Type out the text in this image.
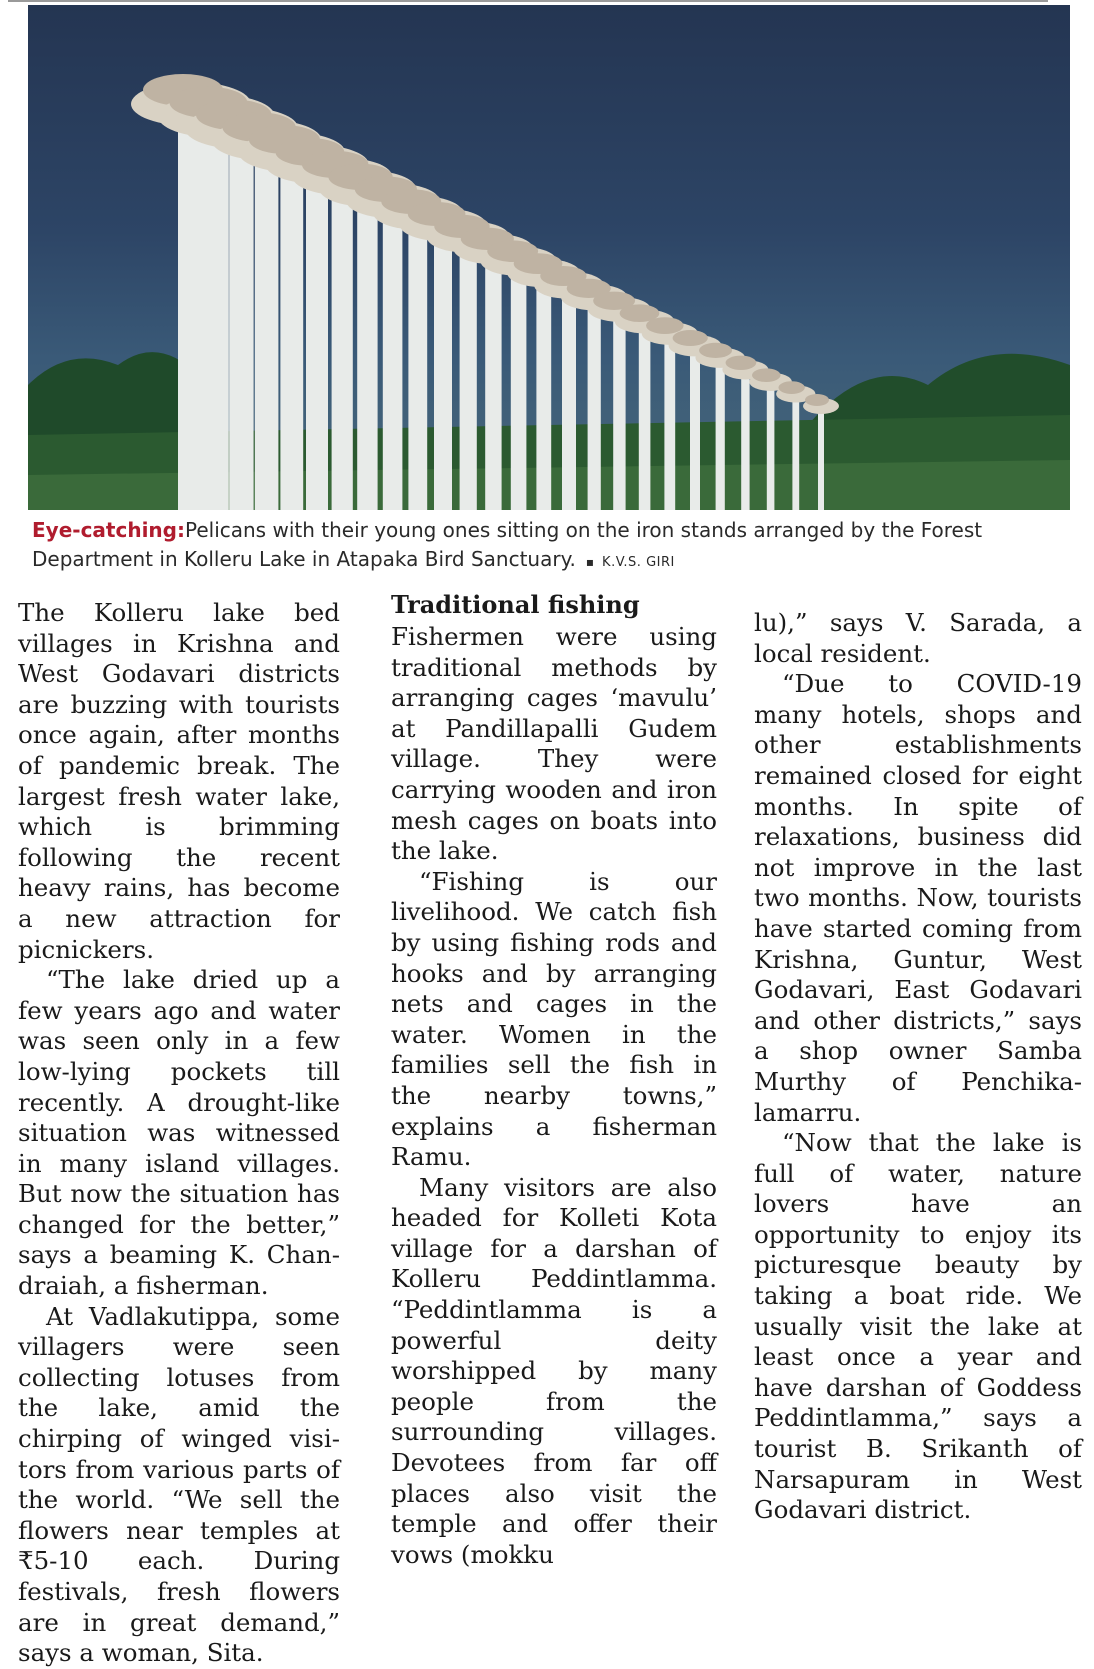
Eye-catching:Pelicans with their young ones sitting on the iron stands arranged by the Forest Department in Kolleru Lake in Atapaka Bird Sanctuary. ▪ K.V.S. GIRI

The Kolleru lake bed villages in Krishna and West Godavari districts are buzzing with tourists once again, after months of pandemic break. The largest fresh water lake, which is brimming following the recent heavy rains, has become a new attraction for picnickers.

“The lake dried up a few years ago and water was seen only in a few low-lying pockets till recently. A drought-like situation was witnessed in many island villages. But now the situation has changed for the better,” says a beaming K. Chandraiah, a fisherman.

At Vadlakutippa, some villagers were seen collecting lotuses from the lake, amid the chirping of winged visitors from various parts of the world. “We sell the flowers near temples at ₹5-10 each. During festivals, fresh flowers are in great demand,” says a woman, Sita.

Traditional fishing

Fishermen were using traditional methods by arranging cages ‘mavulu’ at Pandillapalli Gudem village. They were carrying wooden and iron mesh cages on boats into the lake.

“Fishing is our livelihood. We catch fish by using fishing rods and hooks and by arranging nets and cages in the water. Women in the families sell the fish in the nearby towns,” explains a fisherman Ramu.

Many visitors are also headed for Kolleti Kota village for a darshan of Kolleru Peddintlamma. “Peddintlamma is a powerful deity worshipped by many people from the surrounding villages. Devotees from far off places also visit the temple and offer their vows (mokku

lu),” says V. Sarada, a local resident.

“Due to COVID-19 many hotels, shops and other establishments remained closed for eight months. In spite of relaxations, business did not improve in the last two months. Now, tourists have started coming from Krishna, Guntur, West Godavari, East Godavari and other districts,” says a shop owner Samba Murthy of Penchikalamarru.

“Now that the lake is full of water, nature lovers have an opportunity to enjoy its picturesque beauty by taking a boat ride. We usually visit the lake at least once a year and have darshan of Goddess Peddintlamma,” says a tourist B. Srikanth of Narsapuram in West Godavari district.
